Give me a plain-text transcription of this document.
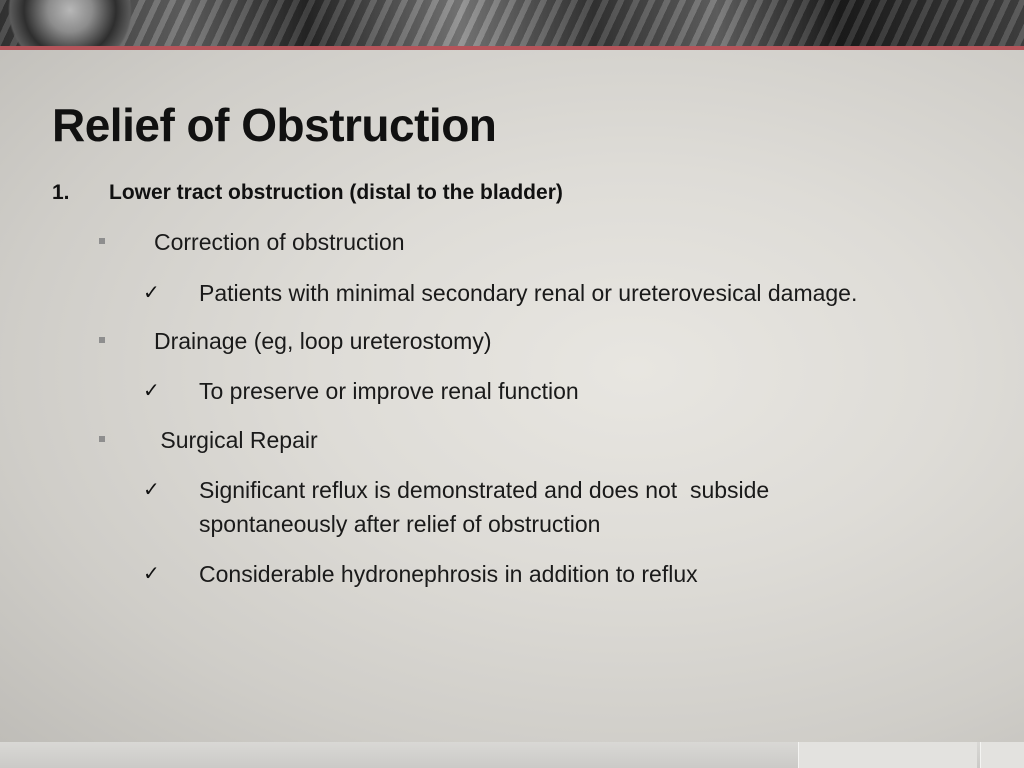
Relief of Obstruction
1. Lower tract obstruction (distal to the bladder)
Correction of obstruction
✓ Patients with minimal secondary renal or ureterovesical damage.
Drainage (eg, loop ureterostomy)
✓ To preserve or improve renal function
Surgical Repair
✓ Significant reflux is demonstrated and does not  subside
spontaneously after relief of obstruction
✓ Considerable hydronephrosis in addition to reflux
